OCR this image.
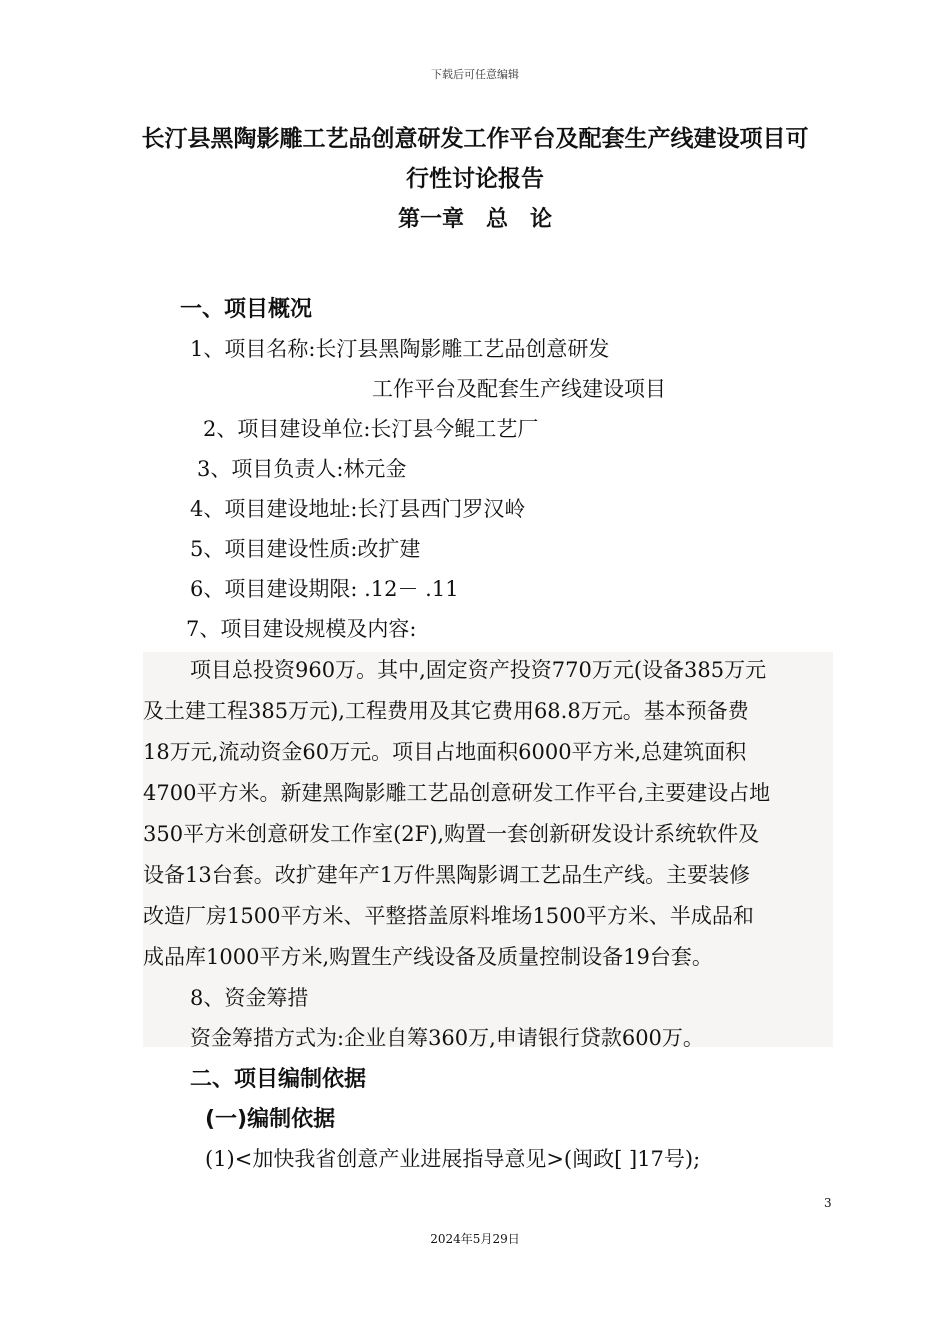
下载后可任意编辑
长汀县黑陶影雕工艺品创意研发工作平台及配套生产线建设项目可
行性讨论报告
第一章　总　论
一、项目概况
1、项目名称:长汀县黑陶影雕工艺品创意研发
工作平台及配套生产线建设项目
2、项目建设单位:长汀县今鲲工艺厂
3、项目负责人:林元金
4、项目建设地址:长汀县西门罗汉岭
5、项目建设性质:改扩建
6、项目建设期限: .12－ .11
7、项目建设规模及内容:
项目总投资960万。其中,固定资产投资770万元(设备385万元
及土建工程385万元),工程费用及其它费用68.8万元。基本预备费
18万元,流动资金60万元。项目占地面积6000平方米,总建筑面积
4700平方米。新建黑陶影雕工艺品创意研发工作平台,主要建设占地
350平方米创意研发工作室(2F),购置一套创新研发设计系统软件及
设备13台套。改扩建年产1万件黑陶影调工艺品生产线。主要装修
改造厂房1500平方米、平整搭盖原料堆场1500平方米、半成品和
成品库1000平方米,购置生产线设备及质量控制设备19台套。
8、资金筹措
资金筹措方式为:企业自筹360万,申请银行贷款600万。
二、项目编制依据
(一)编制依据
(1)<加快我省创意产业进展指导意见>(闽政[ ]17号);
3
2024年5月29日
